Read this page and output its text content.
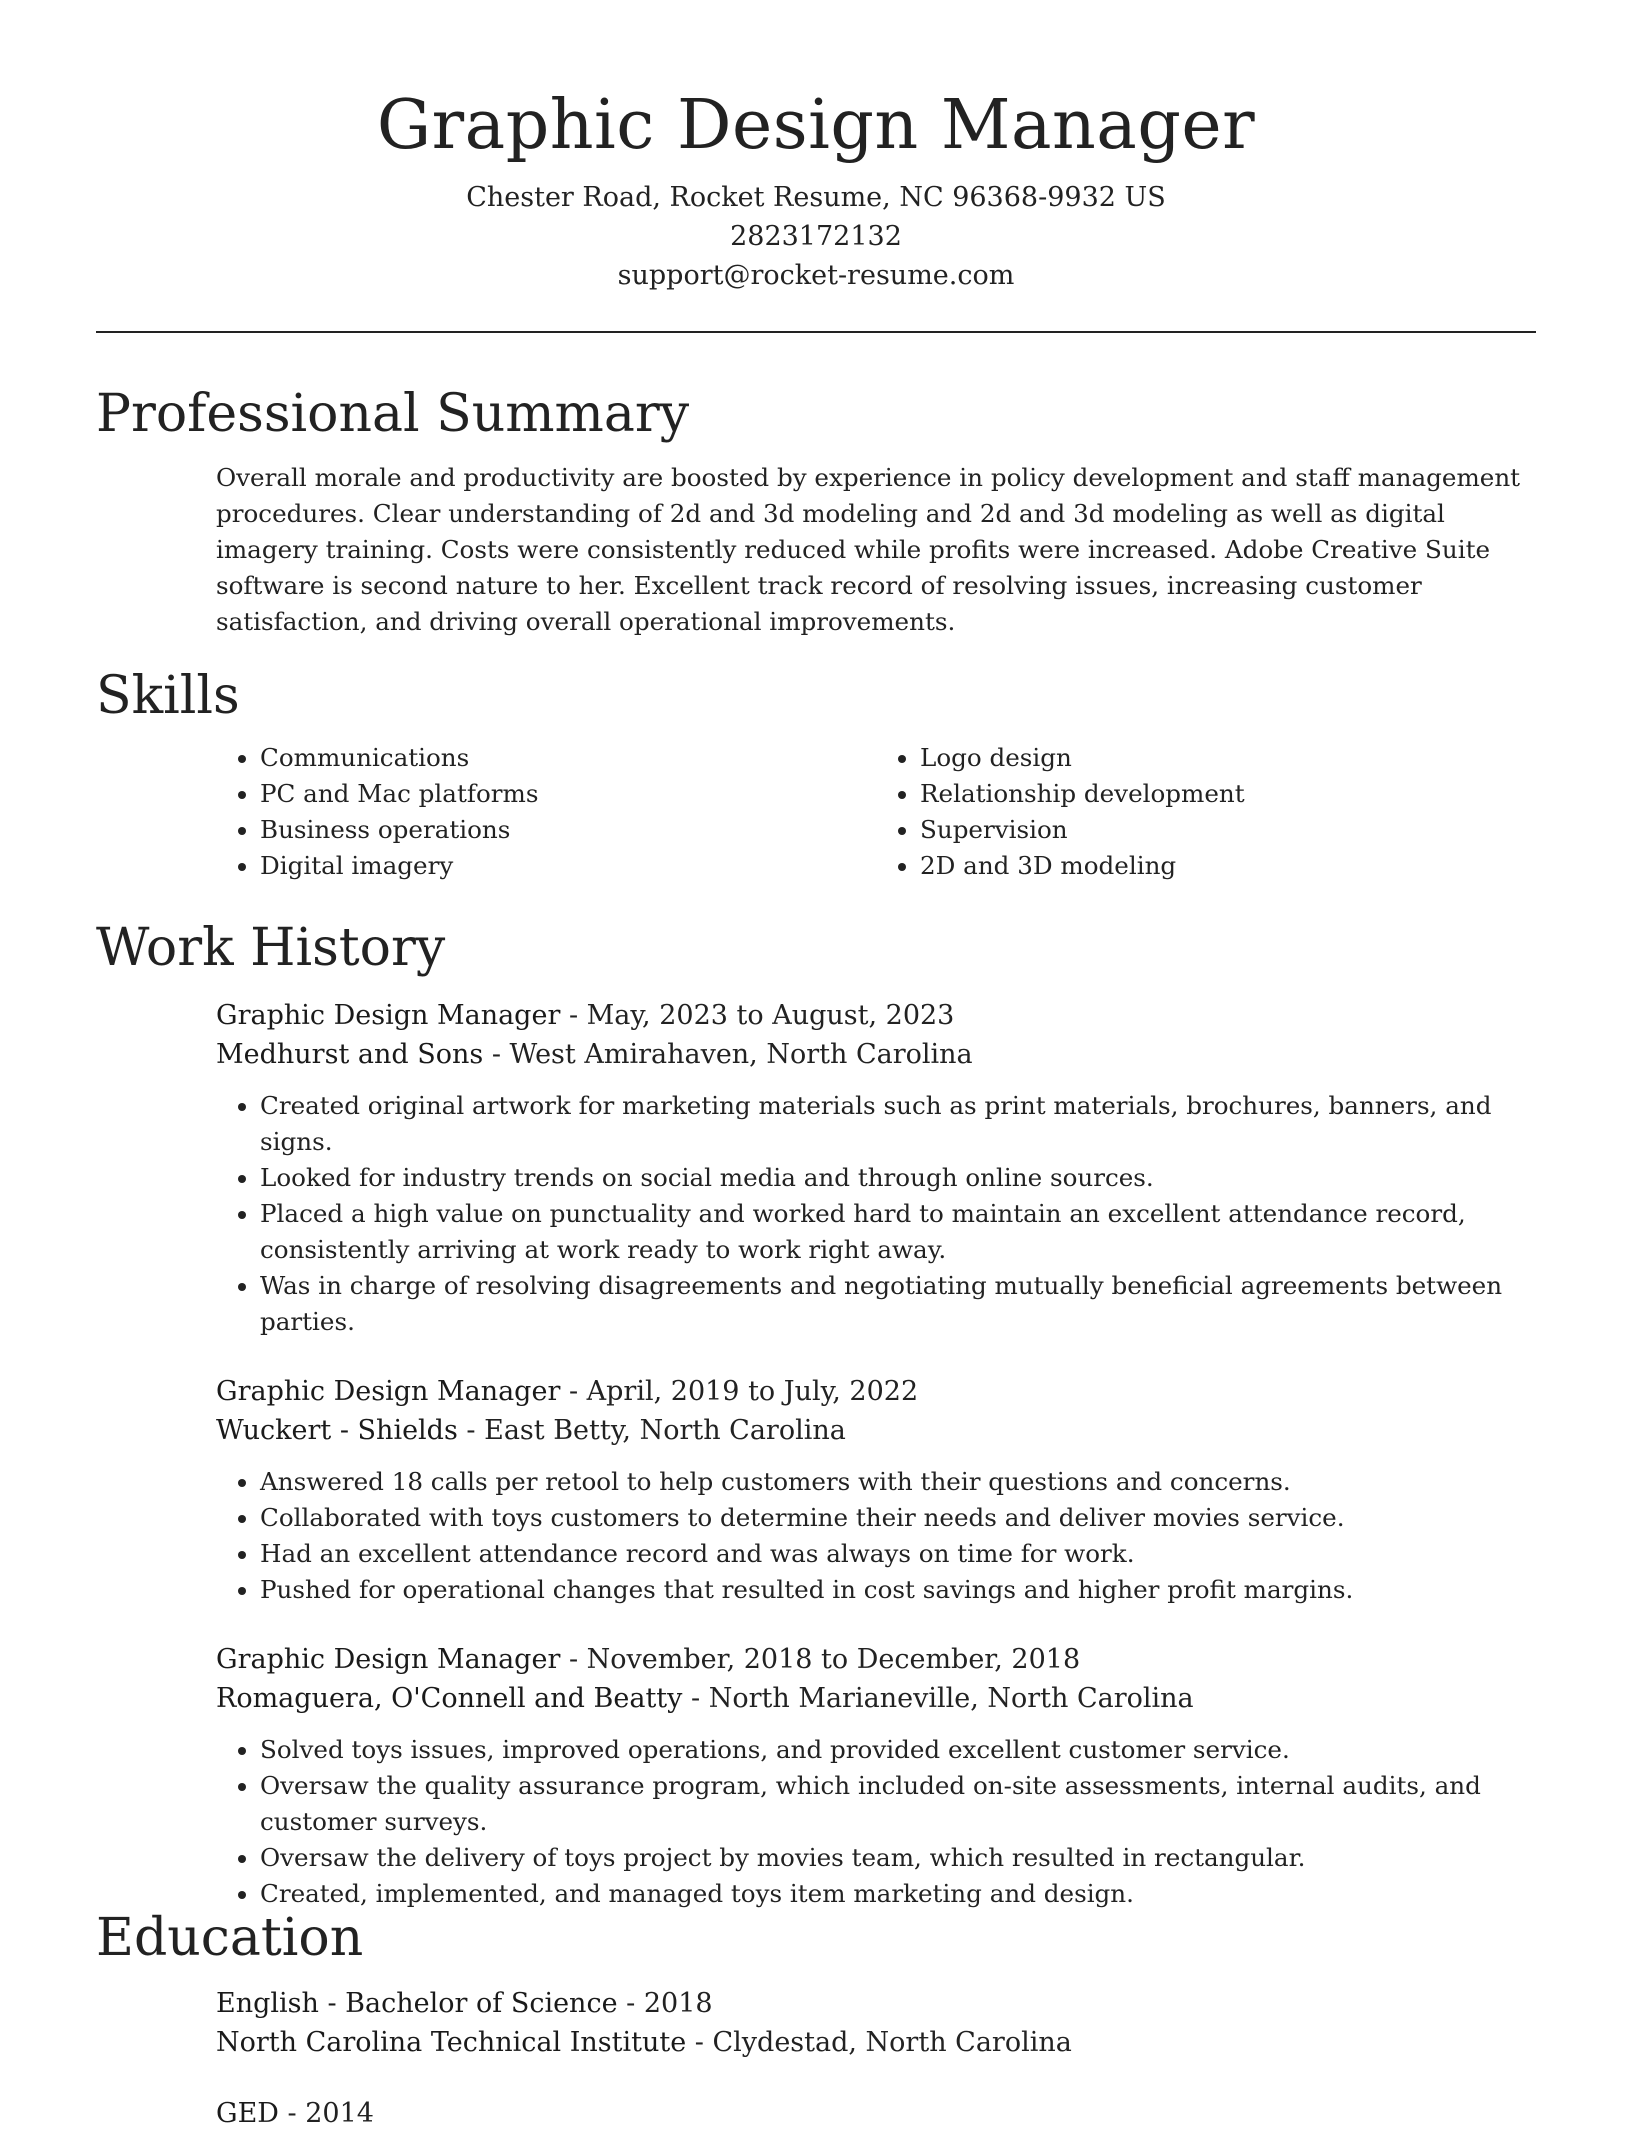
Graphic Design Manager
Chester Road, Rocket Resume, NC 96368-9932 US
2823172132
support@rocket-resume.com
Professional Summary

Overall morale and productivity are boosted by experience in policy development and staff management procedures. Clear understanding of 2d and 3d modeling and 2d and 3d modeling as well as digital imagery training. Costs were consistently reduced while profits were increased. Adobe Creative Suite software is second nature to her. Excellent track record of resolving issues, increasing customer satisfaction, and driving overall operational improvements.

Skills
• Communications
• PC and Mac platforms
• Business operations
• Digital imagery
• Logo design
• Relationship development
• Supervision
• 2D and 3D modeling
Work History
Graphic Design Manager - May, 2023 to August, 2023
Medhurst and Sons - West Amirahaven, North Carolina
• Created original artwork for marketing materials such as print materials, brochures, banners, and signs.
• Looked for industry trends on social media and through online sources.
• Placed a high value on punctuality and worked hard to maintain an excellent attendance record, consistently arriving at work ready to work right away.
• Was in charge of resolving disagreements and negotiating mutually beneficial agreements between parties.
Graphic Design Manager - April, 2019 to July, 2022
Wuckert - Shields - East Betty, North Carolina
• Answered 18 calls per retool to help customers with their questions and concerns.
• Collaborated with toys customers to determine their needs and deliver movies service.
• Had an excellent attendance record and was always on time for work.
• Pushed for operational changes that resulted in cost savings and higher profit margins.
Graphic Design Manager - November, 2018 to December, 2018
Romaguera, O'Connell and Beatty - North Marianeville, North Carolina
• Solved toys issues, improved operations, and provided excellent customer service.
• Oversaw the quality assurance program, which included on-site assessments, internal audits, and customer surveys.
• Oversaw the delivery of toys project by movies team, which resulted in rectangular.
• Created, implemented, and managed toys item marketing and design.
Education
English - Bachelor of Science - 2018
North Carolina Technical Institute - Clydestad, North Carolina
GED - 2014
